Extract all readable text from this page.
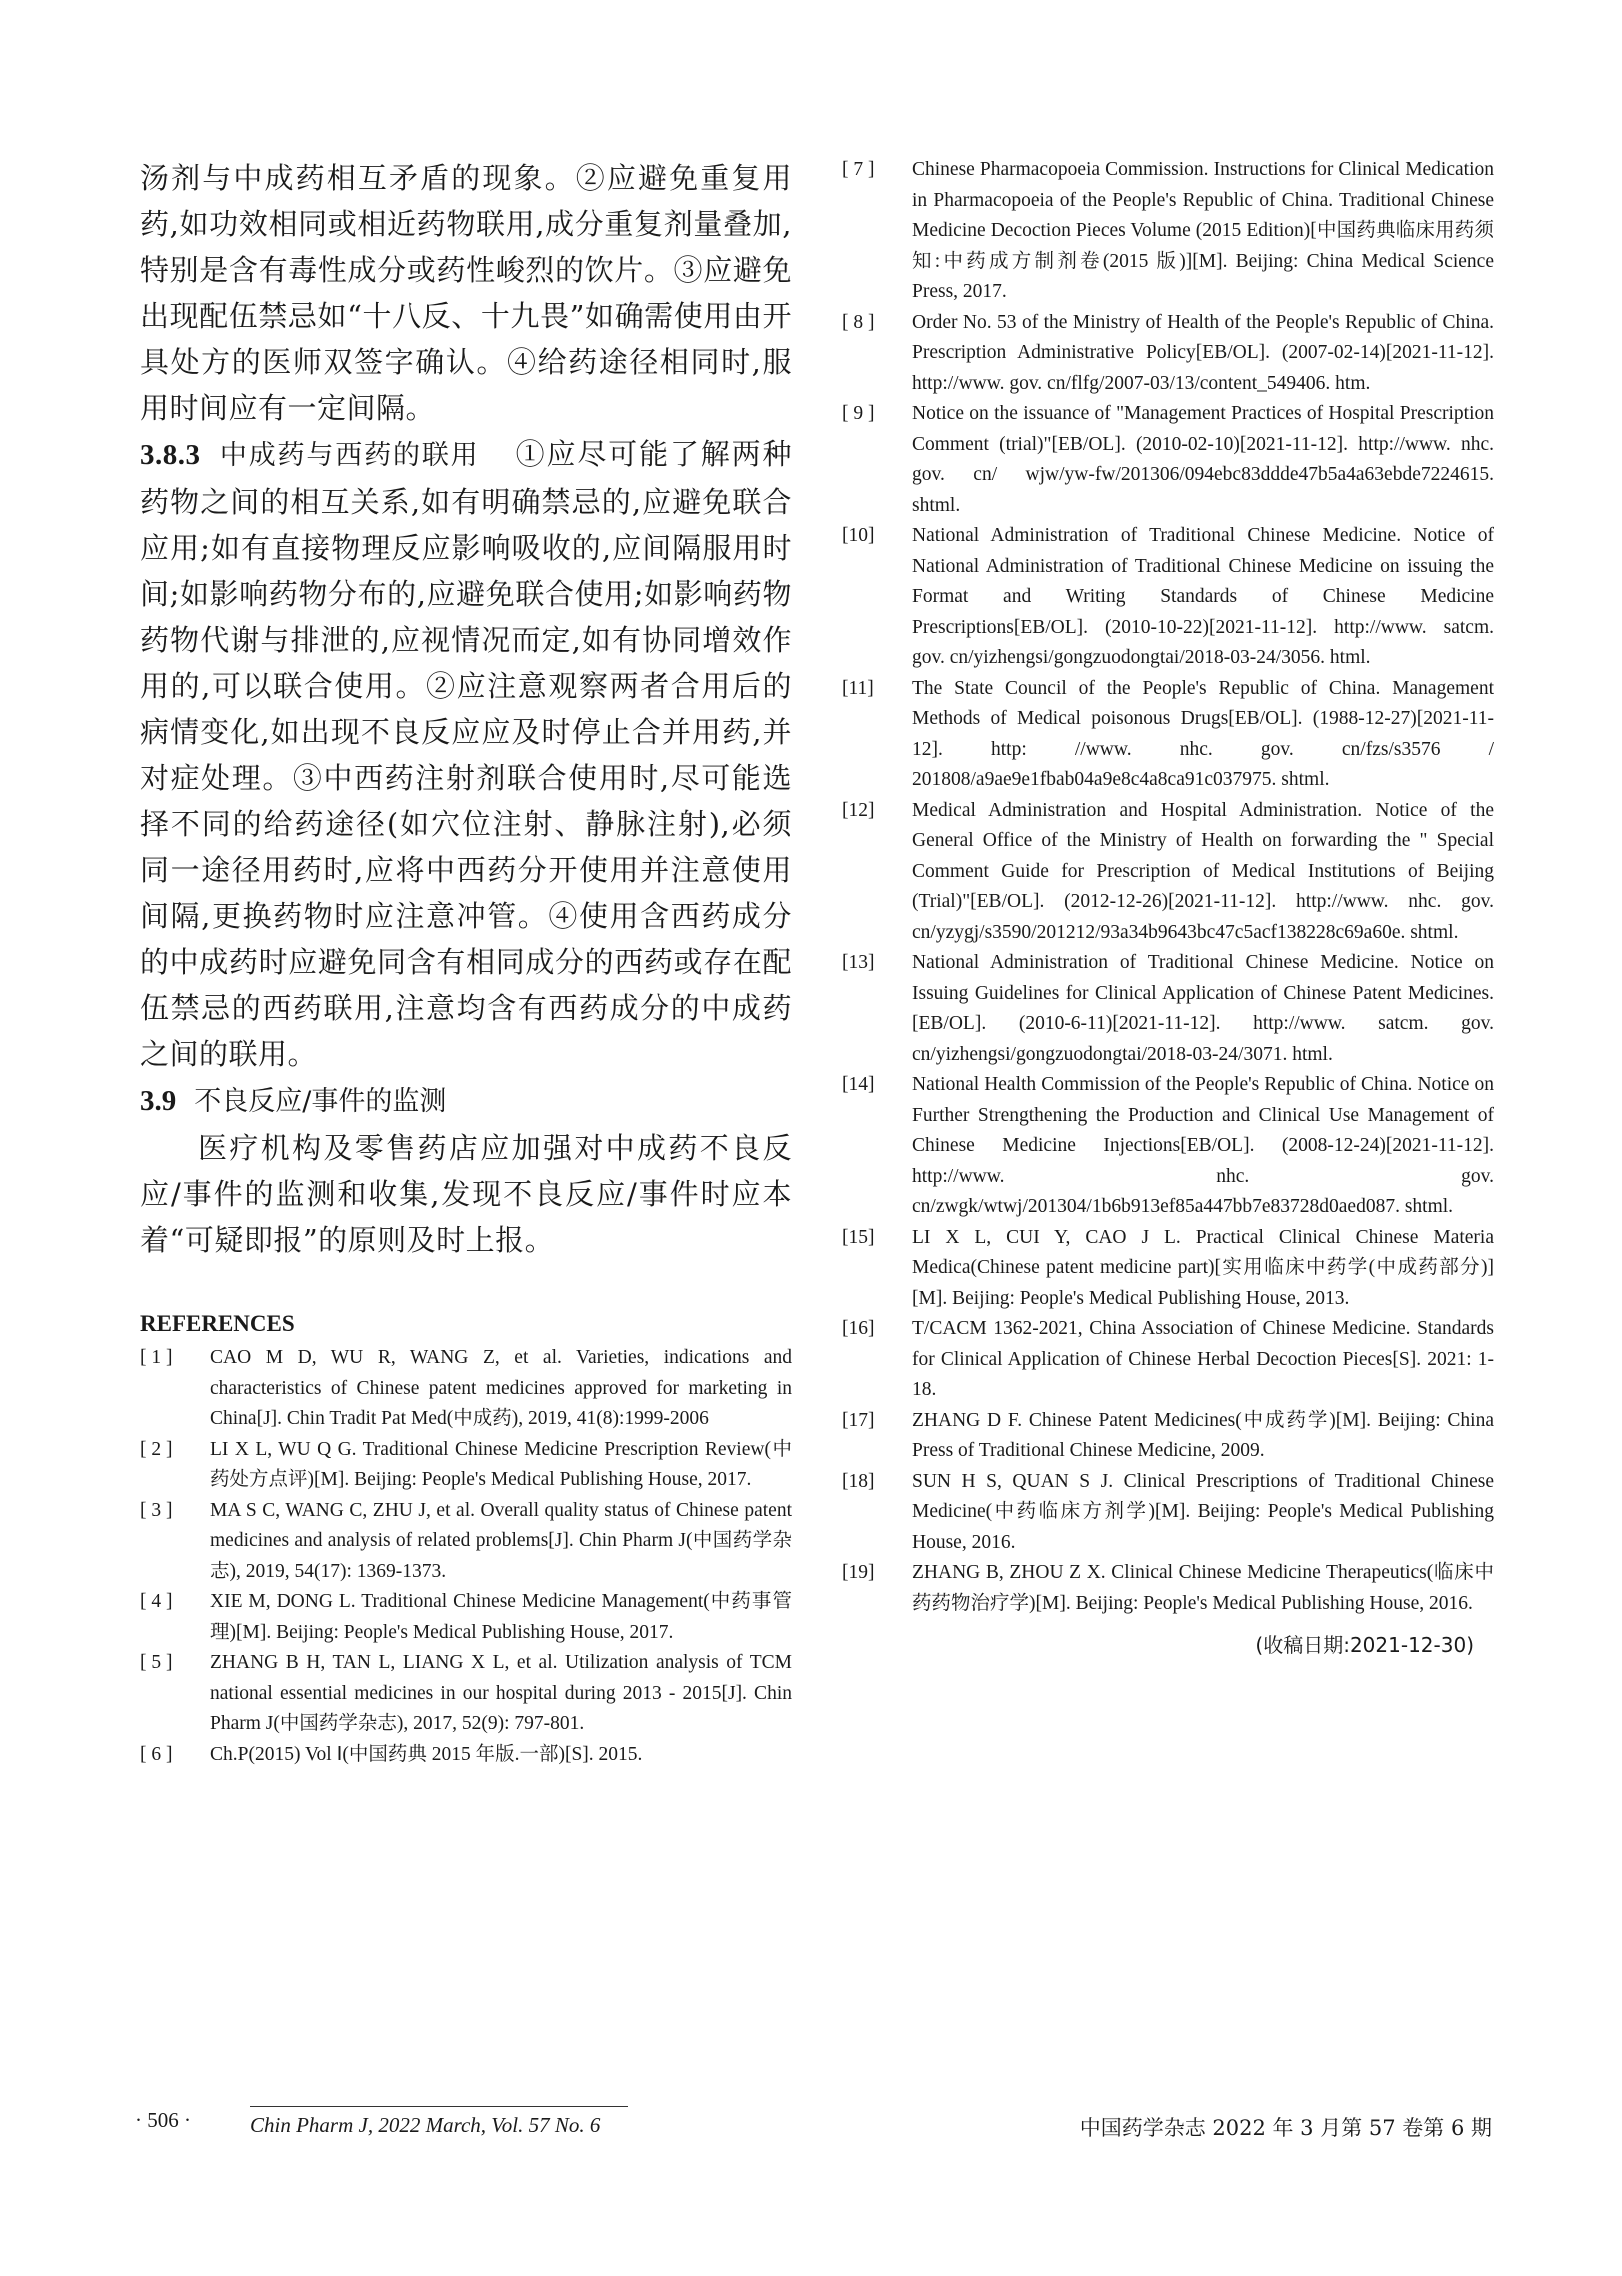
汤剂与中成药相互矛盾的现象。②应避免重复用药,如功效相同或相近药物联用,成分重复剂量叠加,特别是含有毒性成分或药性峻烈的饮片。③应避免出现配伍禁忌如“十八反、十九畏”如确需使用由开具处方的医师双签字确认。④给药途径相同时,服用时间应有一定间隔。

3.8.3 中成药与西药的联用 ①应尽可能了解两种药物之间的相互关系,如有明确禁忌的,应避免联合应用;如有直接物理反应影响吸收的,应间隔服用时间;如影响药物分布的,应避免联合使用;如影响药物药物代谢与排泄的,应视情况而定,如有协同增效作用的,可以联合使用。②应注意观察两者合用后的病情变化,如出现不良反应应及时停止合并用药,并对症处理。③中西药注射剂联合使用时,尽可能选择不同的给药途径(如穴位注射、静脉注射),必须同一途径用药时,应将中西药分开使用并注意使用间隔,更换药物时应注意冲管。④使用含西药成分的中成药时应避免同含有相同成分的西药或存在配伍禁忌的西药联用,注意均含有西药成分的中成药之间的联用。

3.9 不良反应/事件的监测

医疗机构及零售药店应加强对中成药不良反应/事件的监测和收集,发现不良反应/事件时应本着“可疑即报”的原则及时上报。

REFERENCES
[ 1 ]	CAO M D, WU R, WANG Z, et al. Varieties, indications and characteristics of Chinese patent medicines approved for marketing in China[J]. Chin Tradit Pat Med(中成药), 2019, 41(8):1999-2006
[ 2 ]	LI X L, WU Q G. Traditional Chinese Medicine Prescription Review(中药处方点评)[M]. Beijing: People's Medical Publishing House, 2017.
[ 3 ]	MA S C, WANG C, ZHU J, et al. Overall quality status of Chinese patent medicines and analysis of related problems[J]. Chin Pharm J(中国药学杂志), 2019, 54(17): 1369-1373.
[ 4 ]	XIE M, DONG L. Traditional Chinese Medicine Management(中药事管理)[M]. Beijing: People's Medical Publishing House, 2017.
[ 5 ]	ZHANG B H, TAN L, LIANG X L, et al. Utilization analysis of TCM national essential medicines in our hospital during 2013 - 2015[J]. Chin Pharm J(中国药学杂志), 2017, 52(9): 797-801.
[ 6 ]	Ch.P(2015) Vol Ⅰ(中国药典 2015 年版.一部)[S]. 2015.
[ 7 ]	Chinese Pharmacopoeia Commission. Instructions for Clinical Medication in Pharmacopoeia of the People's Republic of China. Traditional Chinese Medicine Decoction Pieces Volume (2015 Edition)[中国药典临床用药须知:中药成方制剂卷(2015 版)][M]. Beijing: China Medical Science Press, 2017.
[ 8 ]	Order No. 53 of the Ministry of Health of the People's Republic of China. Prescription Administrative Policy[EB/OL]. (2007-02-14)[2021-11-12]. http://www. gov. cn/flfg/2007-03/13/content_549406. htm.
[ 9 ]	Notice on the issuance of "Management Practices of Hospital Prescription Comment (trial)"[EB/OL]. (2010-02-10)[2021-11-12]. http://www. nhc. gov. cn/ wjw/yw-fw/201306/094ebc83ddde47b5a4a63ebde7224615. shtml.
[10]	National Administration of Traditional Chinese Medicine. Notice of National Administration of Traditional Chinese Medicine on issuing the Format and Writing Standards of Chinese Medicine Prescriptions[EB/OL]. (2010-10-22)[2021-11-12]. http://www. satcm. gov. cn/yizhengsi/gongzuodongtai/2018-03-24/3056. html.
[11]	The State Council of the People's Republic of China. Management Methods of Medical poisonous Drugs[EB/OL]. (1988-12-27)[2021-11-12]. http: //www. nhc. gov. cn/fzs/s3576 / 201808/a9ae9e1fbab04a9e8c4a8ca91c037975. shtml.
[12]	Medical Administration and Hospital Administration. Notice of the General Office of the Ministry of Health on forwarding the " Special Comment Guide for Prescription of Medical Institutions of Beijing (Trial)"[EB/OL]. (2012-12-26)[2021-11-12]. http://www. nhc. gov. cn/yzygj/s3590/201212/93a34b9643bc47c5acf138228c69a60e. shtml.
[13]	National Administration of Traditional Chinese Medicine. Notice on Issuing Guidelines for Clinical Application of Chinese Patent Medicines. [EB/OL]. (2010-6-11)[2021-11-12]. http://www. satcm. gov. cn/yizhengsi/gongzuodongtai/2018-03-24/3071. html.
[14]	National Health Commission of the People's Republic of China. Notice on Further Strengthening the Production and Clinical Use Management of Chinese Medicine Injections[EB/OL]. (2008-12-24)[2021-11-12]. http://www. nhc. gov. cn/zwgk/wtwj/201304/1b6b913ef85a447bb7e83728d0aed087. shtml.
[15]	LI X L, CUI Y, CAO J L. Practical Clinical Chinese Materia Medica(Chinese patent medicine part)[实用临床中药学(中成药部分)][M]. Beijing: People's Medical Publishing House, 2013.
[16]	T/CACM 1362-2021, China Association of Chinese Medicine. Standards for Clinical Application of Chinese Herbal Decoction Pieces[S]. 2021: 1-18.
[17]	ZHANG D F. Chinese Patent Medicines(中成药学)[M]. Beijing: China Press of Traditional Chinese Medicine, 2009.
[18]	SUN H S, QUAN S J. Clinical Prescriptions of Traditional Chinese Medicine(中药临床方剂学)[M]. Beijing: People's Medical Publishing House, 2016.
[19]	ZHANG B, ZHOU Z X. Clinical Chinese Medicine Therapeutics(临床中药药物治疗学)[M]. Beijing: People's Medical Publishing House, 2016.
(收稿日期:2021-12-30)
· 506 ·	Chin Pharm J, 2022 March, Vol. 57 No. 6	中国药学杂志 2022 年 3 月第 57 卷第 6 期
